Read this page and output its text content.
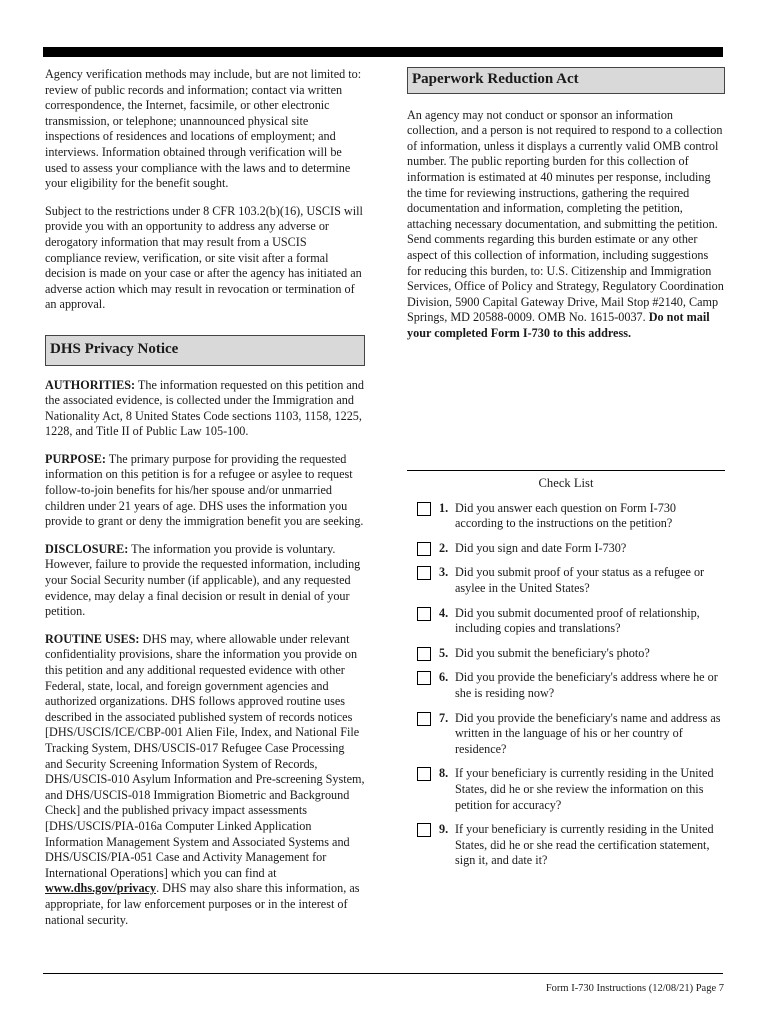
Agency verification methods may include, but are not limited to: review of public records and information; contact via written correspondence, the Internet, facsimile, or other electronic transmission, or telephone; unannounced physical site inspections of residences and locations of employment; and interviews. Information obtained through verification will be used to assess your compliance with the laws and to determine your eligibility for the benefit sought.

Subject to the restrictions under 8 CFR 103.2(b)(16), USCIS will provide you with an opportunity to address any adverse or derogatory information that may result from a USCIS compliance review, verification, or site visit after a formal decision is made on your case or after the agency has initiated an adverse action which may result in revocation or termination of an approval.

DHS Privacy Notice

AUTHORITIES: The information requested on this petition and the associated evidence, is collected under the Immigration and Nationality Act, 8 United States Code sections 1103, 1158, 1225, 1228, and Title II of Public Law 105-100.

PURPOSE: The primary purpose for providing the requested information on this petition is for a refugee or asylee to request follow-to-join benefits for his/her spouse and/or unmarried children under 21 years of age. DHS uses the information you provide to grant or deny the immigration benefit you are seeking.

DISCLOSURE: The information you provide is voluntary. However, failure to provide the requested information, including your Social Security number (if applicable), and any requested evidence, may delay a final decision or result in denial of your petition.

ROUTINE USES: DHS may, where allowable under relevant confidentiality provisions, share the information you provide on this petition and any additional requested evidence with other Federal, state, local, and foreign government agencies and authorized organizations. DHS follows approved routine uses described in the associated published system of records notices [DHS/USCIS/ICE/CBP-001 Alien File, Index, and National File Tracking System, DHS/USCIS-017 Refugee Case Processing and Security Screening Information System of Records, DHS/USCIS-010 Asylum Information and Pre-screening System, and DHS/USCIS-018 Immigration Biometric and Background Check] and the published privacy impact assessments [DHS/USCIS/PIA-016a Computer Linked Application Information Management System and Associated Systems and DHS/USCIS/PIA-051 Case and Activity Management for International Operations] which you can find at www.dhs.gov/privacy. DHS may also share this information, as appropriate, for law enforcement purposes or in the interest of national security.

Paperwork Reduction Act

An agency may not conduct or sponsor an information collection, and a person is not required to respond to a collection of information, unless it displays a currently valid OMB control number. The public reporting burden for this collection of information is estimated at 40 minutes per response, including the time for reviewing instructions, gathering the required documentation and information, completing the petition, attaching necessary documentation, and submitting the petition. Send comments regarding this burden estimate or any other aspect of this collection of information, including suggestions for reducing this burden, to: U.S. Citizenship and Immigration Services, Office of Policy and Strategy, Regulatory Coordination Division, 5900 Capital Gateway Drive, Mail Stop #2140, Camp Springs, MD 20588-0009. OMB No. 1615-0037. Do not mail your completed Form I-730 to this address.

Check List
1. Did you answer each question on Form I-730 according to the instructions on the petition?
2. Did you sign and date Form I-730?
3. Did you submit proof of your status as a refugee or asylee in the United States?
4. Did you submit documented proof of relationship, including copies and translations?
5. Did you submit the beneficiary's photo?
6. Did you provide the beneficiary's address where he or she is residing now?
7. Did you provide the beneficiary's name and address as written in the language of his or her country of residence?
8. If your beneficiary is currently residing in the United States, did he or she review the information on this petition for accuracy?
9. If your beneficiary is currently residing in the United States, did he or she read the certification statement, sign it, and date it?
Form I-730 Instructions (12/08/21) Page 7
